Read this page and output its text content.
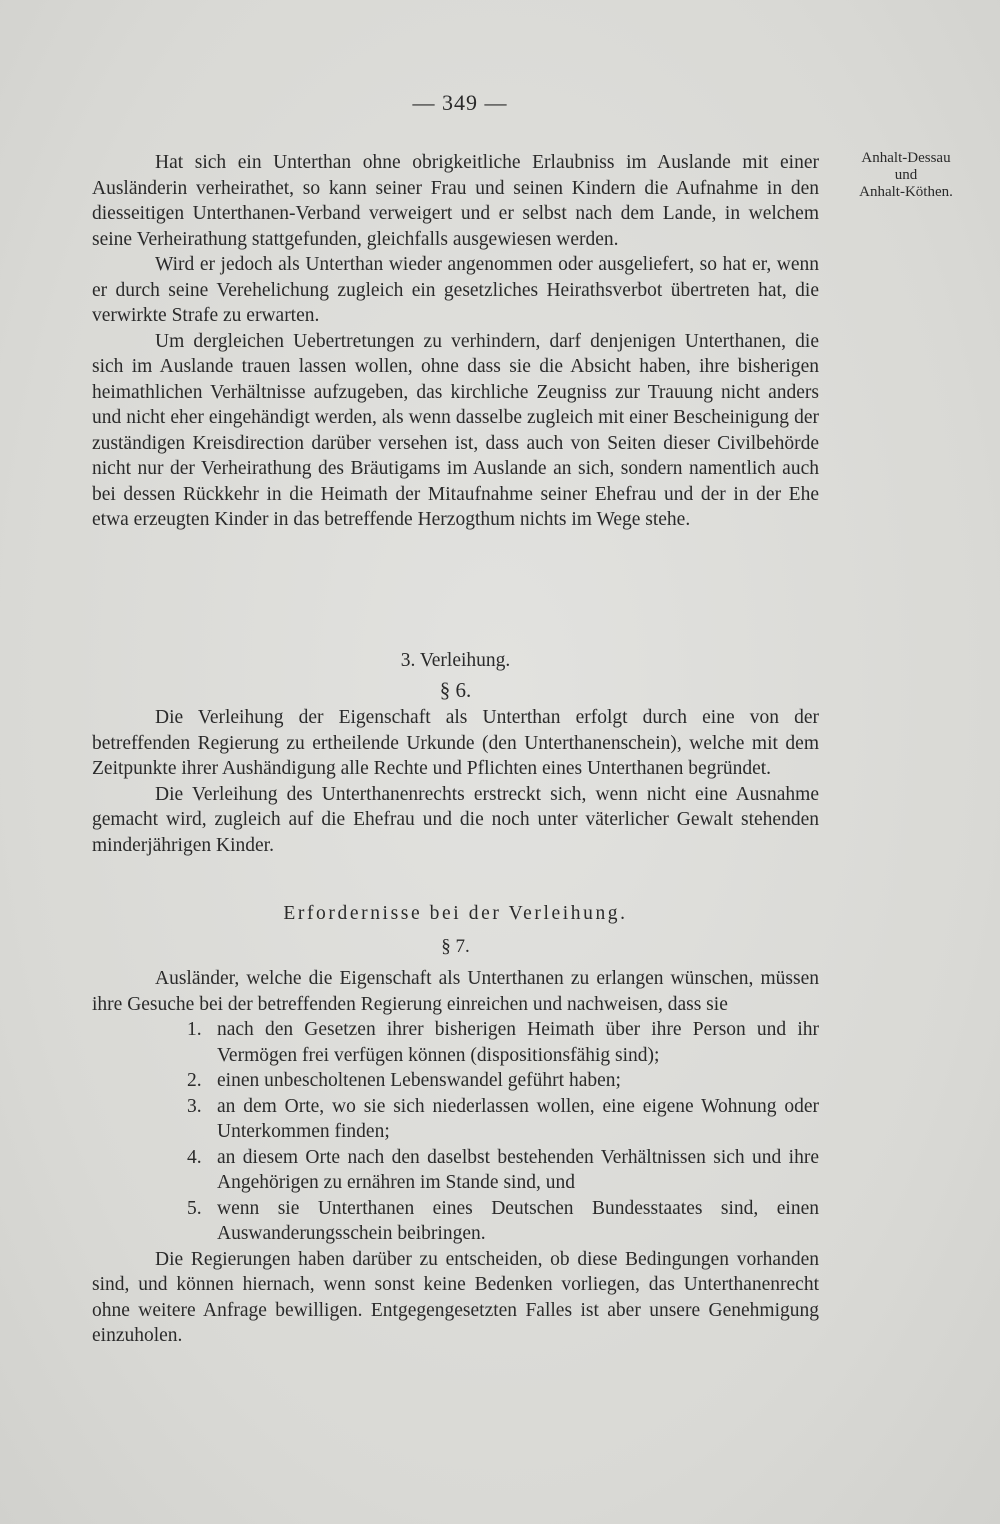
— 349 —
Anhalt-Dessau
und
Anhalt-Köthen.

Hat sich ein Unterthan ohne obrigkeitliche Erlaubniss im Auslande mit einer Ausländerin verheirathet, so kann seiner Frau und seinen Kindern die Aufnahme in den diesseitigen Unterthanen-Verband verweigert und er selbst nach dem Lande, in welchem seine Verheirathung stattgefunden, gleichfalls ausgewiesen werden.

Wird er jedoch als Unterthan wieder angenommen oder ausgeliefert, so hat er, wenn er durch seine Verehelichung zugleich ein gesetzliches Heirathsverbot übertreten hat, die verwirkte Strafe zu erwarten.

Um dergleichen Uebertretungen zu verhindern, darf denjenigen Unterthanen, die sich im Auslande trauen lassen wollen, ohne dass sie die Absicht haben, ihre bisherigen heimathlichen Verhältnisse aufzugeben, das kirchliche Zeugniss zur Trauung nicht anders und nicht eher eingehändigt werden, als wenn dasselbe zugleich mit einer Bescheinigung der zuständigen Kreisdirection darüber versehen ist, dass auch von Seiten dieser Civilbehörde nicht nur der Verheirathung des Bräutigams im Auslande an sich, sondern namentlich auch bei dessen Rückkehr in die Heimath der Mitaufnahme seiner Ehefrau und der in der Ehe etwa erzeugten Kinder in das betreffende Herzogthum nichts im Wege stehe.

3. Verleihung.
§ 6.

Die Verleihung der Eigenschaft als Unterthan erfolgt durch eine von der betreffenden Regierung zu ertheilende Urkunde (den Unterthanenschein), welche mit dem Zeitpunkte ihrer Aushändigung alle Rechte und Pflichten eines Unterthanen begründet.

Die Verleihung des Unterthanenrechts erstreckt sich, wenn nicht eine Ausnahme gemacht wird, zugleich auf die Ehefrau und die noch unter väterlicher Gewalt stehenden minderjährigen Kinder.

Erfordernisse bei der Verleihung.
§ 7.

Ausländer, welche die Eigenschaft als Unterthanen zu erlangen wünschen, müssen ihre Gesuche bei der betreffenden Regierung einreichen und nachweisen, dass sie

1. nach den Gesetzen ihrer bisherigen Heimath über ihre Person und ihr Vermögen frei verfügen können (dispositionsfähig sind);
2. einen unbescholtenen Lebenswandel geführt haben;
3. an dem Orte, wo sie sich niederlassen wollen, eine eigene Wohnung oder Unterkommen finden;
4. an diesem Orte nach den daselbst bestehenden Verhältnissen sich und ihre Angehörigen zu ernähren im Stande sind, und
5. wenn sie Unterthanen eines Deutschen Bundesstaates sind, einen Auswanderungsschein beibringen.

Die Regierungen haben darüber zu entscheiden, ob diese Bedingungen vorhanden sind, und können hiernach, wenn sonst keine Bedenken vorliegen, das Unterthanenrecht ohne weitere Anfrage bewilligen. Entgegengesetzten Falles ist aber unsere Genehmigung einzuholen.
